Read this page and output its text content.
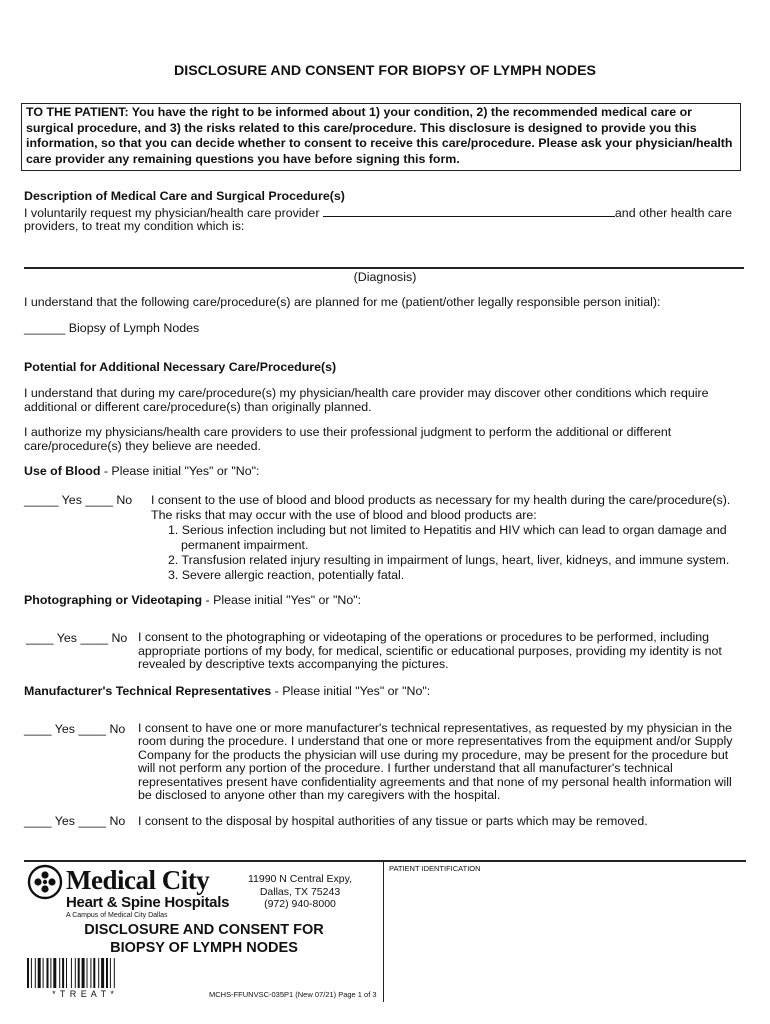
DISCLOSURE AND CONSENT FOR BIOPSY OF LYMPH NODES
TO THE PATIENT: You have the right to be informed about 1) your condition, 2) the recommended medical care or surgical procedure, and 3) the risks related to this care/procedure. This disclosure is designed to provide you this information, so that you can decide whether to consent to receive this care/procedure. Please ask your physician/health care provider any remaining questions you have before signing this form.
Description of Medical Care and Surgical Procedure(s)
I voluntarily request my physician/health care provider	and other health care
providers, to treat my condition which is:
(Diagnosis)
I understand that the following care/procedure(s) are planned for me (patient/other legally responsible person initial):
______ Biopsy of Lymph Nodes
Potential for Additional Necessary Care/Procedure(s)
I understand that during my care/procedure(s) my physician/health care provider may discover other conditions which require additional or different care/procedure(s) than originally planned.
I authorize my physicians/health care providers to use their professional judgment to perform the additional or different care/procedure(s) they believe are needed.
Use of Blood - Please initial "Yes" or "No":
_____ Yes ____ No I consent to the use of blood and blood products as necessary for my health during the care/procedure(s).
The risks that may occur with the use of blood and blood products are:
1. Serious infection including but not limited to Hepatitis and HIV which can lead to organ damage and
permanent impairment.
2. Transfusion related injury resulting in impairment of lungs, heart, liver, kidneys, and immune system.
3. Severe allergic reaction, potentially fatal.
Photographing or Videotaping - Please initial "Yes" or "No":
____ Yes ____ No I consent to the photographing or videotaping of the operations or procedures to be performed, including appropriate portions of my body, for medical, scientific or educational purposes, providing my identity is not revealed by descriptive texts accompanying the pictures.
Manufacturer's Technical Representatives - Please initial "Yes" or "No":
____ Yes ____ No I consent to have one or more manufacturer's technical representatives, as requested by my physician in the room during the procedure. I understand that one or more representatives from the equipment and/or Supply Company for the products the physician will use during my procedure, may be present for the procedure but will not perform any portion of the procedure. I further understand that all manufacturer's technical representatives present have confidentiality agreements and that none of my personal health information will be disclosed to anyone other than my caregivers with the hospital.
____ Yes ____ No I consent to the disposal by hospital authorities of any tissue or parts which may be removed.
PATIENT IDENTIFICATION
Medical City
Heart & Spine Hospitals
A Campus of Medical City Dallas
11990 N Central Expy,
Dallas, TX 75243
(972) 940-8000
DISCLOSURE AND CONSENT FOR
BIOPSY OF LYMPH NODES
* T R E A T *	MCHS-FFUNVSC-035P1 (New 07/21) Page 1 of 3
